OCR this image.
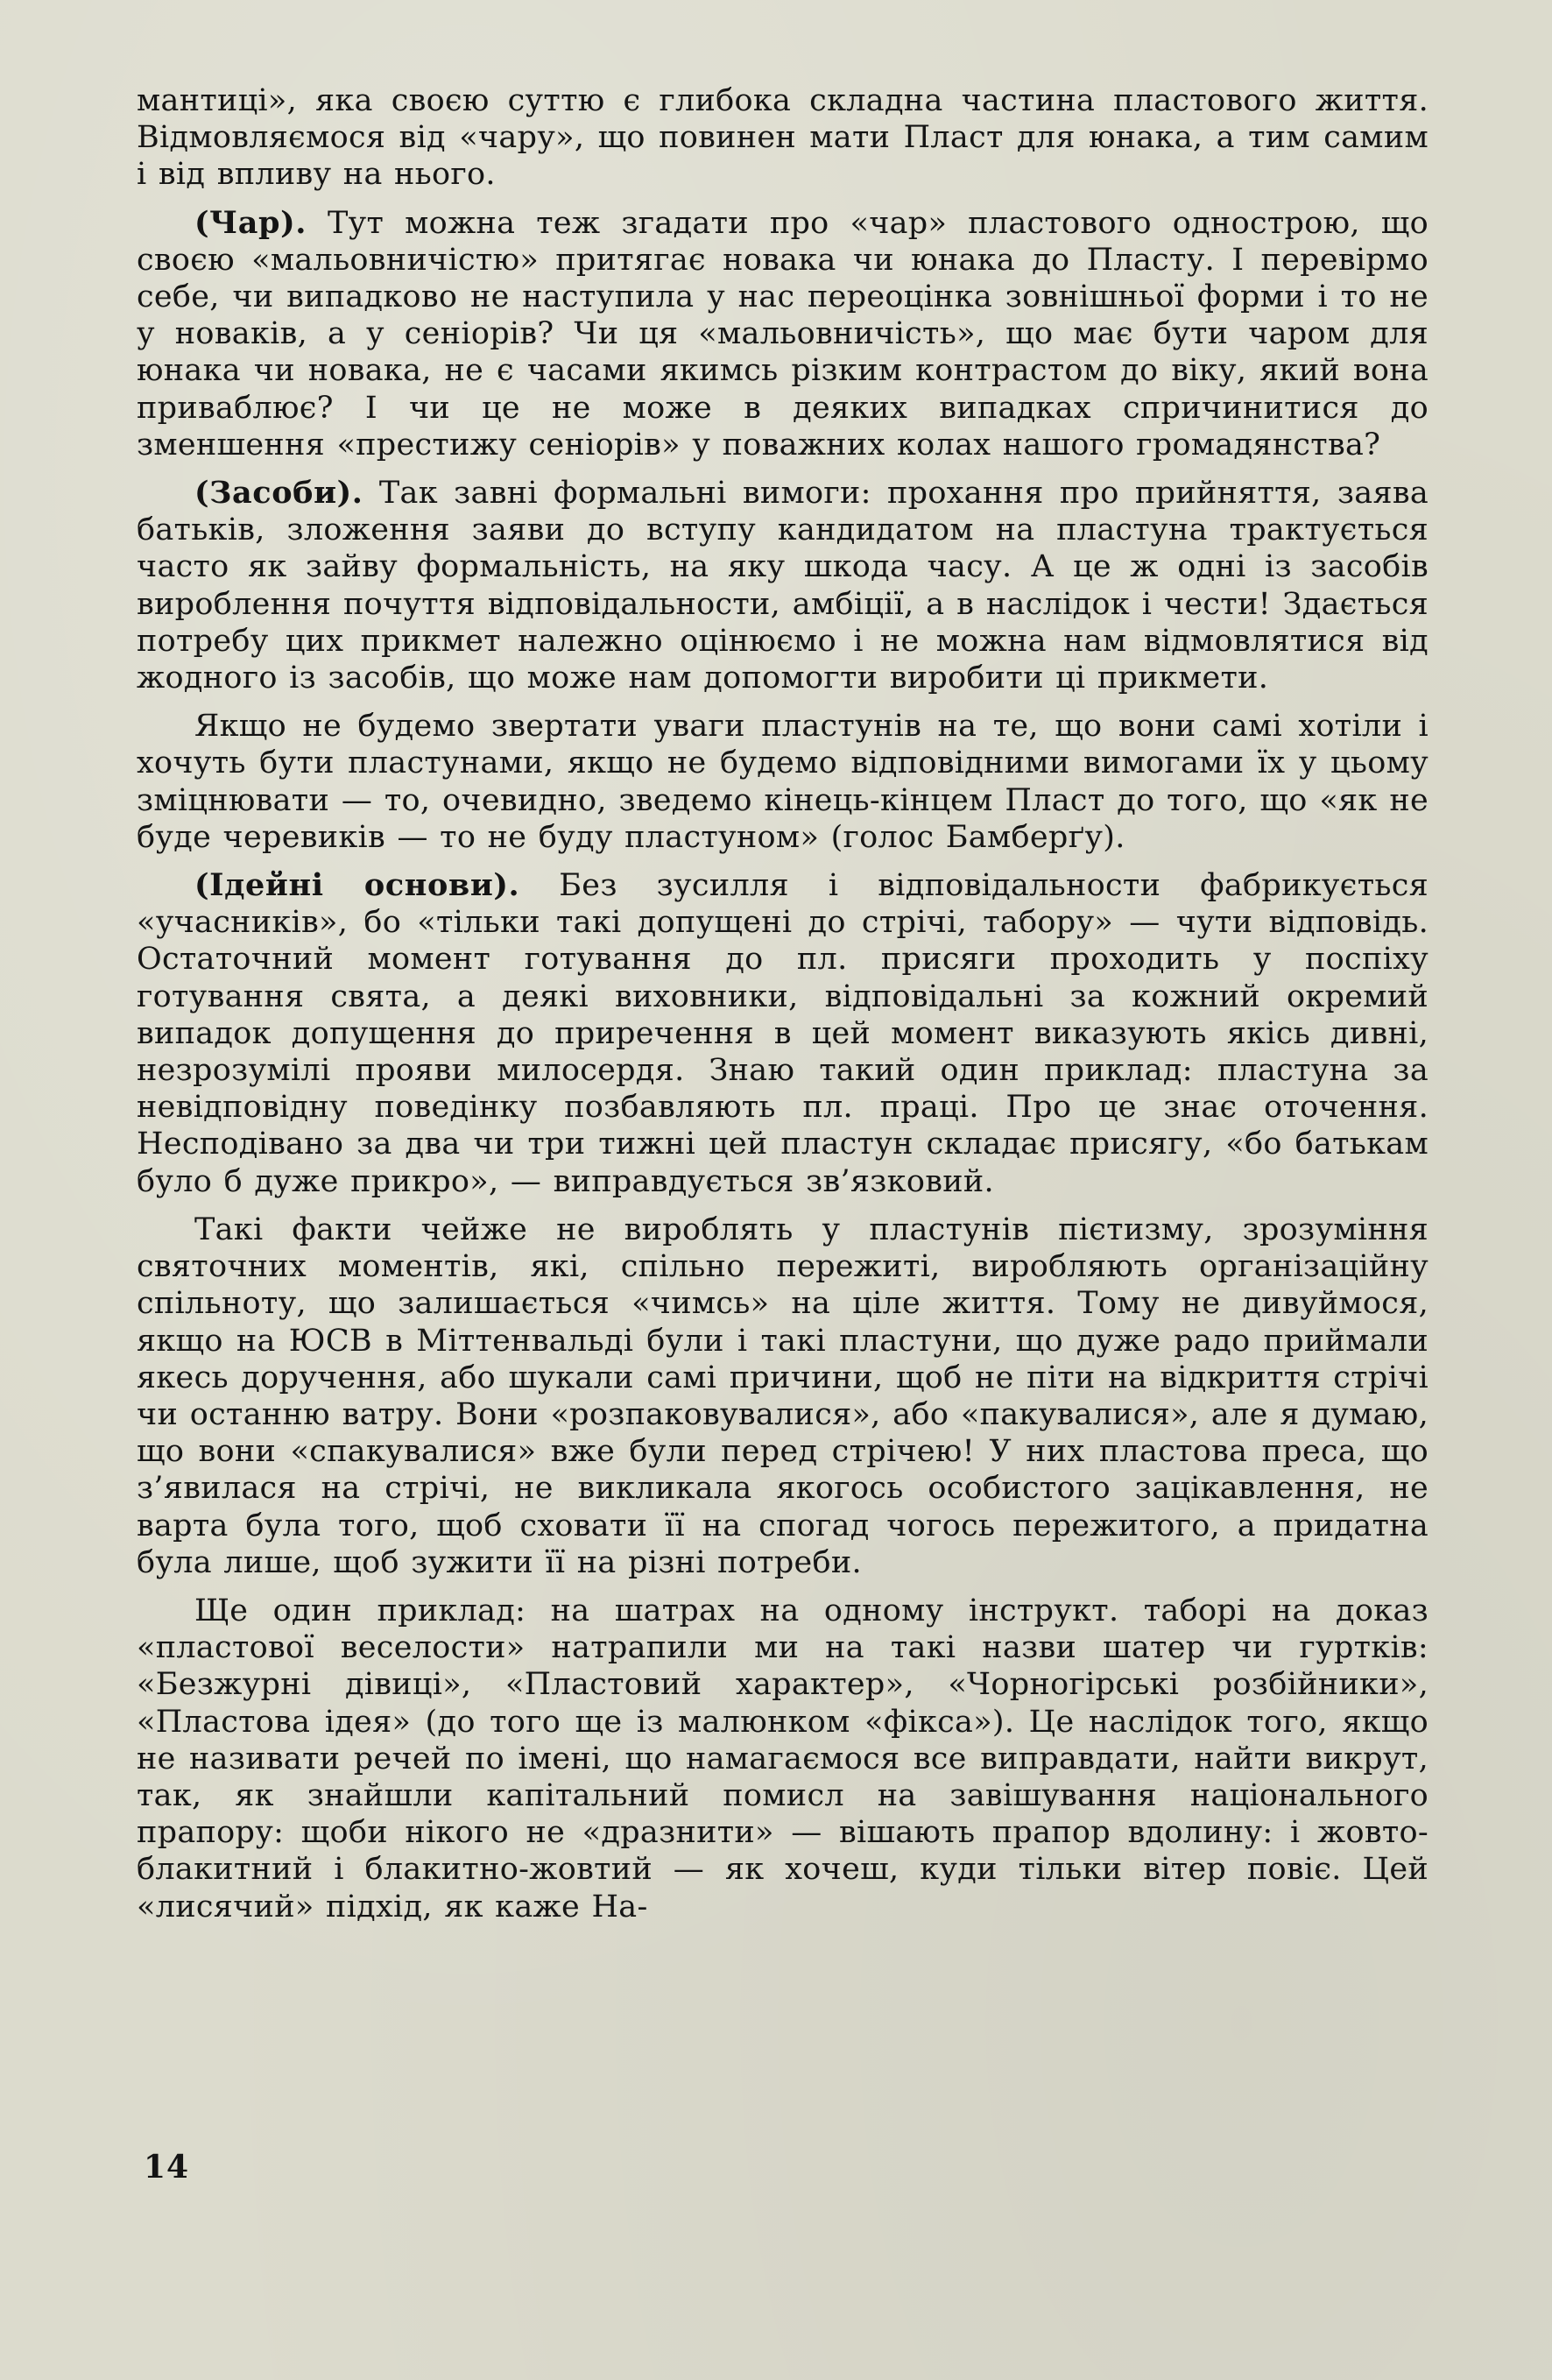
мантиці», яка своєю суттю є глибока складна частина пластового життя. Відмовляємося від «чару», що повинен мати Пласт для юнака, а тим самим і від впливу на нього.

(Чар). Тут можна теж згадати про «чар» пластового однострою, що своєю «мальовничістю» притягає новака чи юнака до Пласту. І перевірмо себе, чи випадково не наступила у нас переоцінка зовнішньої форми і то не у новаків, а у сеніорів? Чи ця «мальовничість», що має бути чаром для юнака чи новака, не є часами якимсь різким контрастом до віку, який вона приваблює? І чи це не може в деяких випадках спричинитися до зменшення «престижу сеніорів» у поважних колах нашого громадянства?

(Засоби). Так завні формальні вимоги: прохання про прийняття, заява батьків, зложення заяви до вступу кандидатом на пластуна трактується часто як зайву формальність, на яку шкода часу. А це ж одні із засобів вироблення почуття відповідальности, амбіції, а в наслідок і чести! Здається потребу цих прикмет належно оцінюємо і не можна нам відмовлятися від жодного із засобів, що може нам допомогти виробити ці прикмети.

Якщо не будемо звертати уваги пластунів на те, що вони самі хотіли і хочуть бути пластунами, якщо не будемо відповідними вимогами їх у цьому зміцнювати — то, очевидно, зведемо кінець-кінцем Пласт до того, що «як не буде черевиків — то не буду пластуном» (голос Бамберґу).

(Ідейні основи). Без зусилля і відповідальности фабрикується «учасників», бо «тільки такі допущені до стрічі, табору» — чути відповідь. Остаточний момент готування до пл. присяги проходить у поспіху готування свята, а деякі виховники, відповідальні за кожний окремий випадок допущення до приречення в цей момент виказують якісь дивні, незрозумілі прояви милосердя. Знаю такий один приклад: пластуна за невідповідну поведінку позбавляють пл. праці. Про це знає оточення. Несподівано за два чи три тижні цей пластун складає присягу, «бо батькам було б дуже прикро», — виправдується зв’язковий.

Такі факти чейже не вироблять у пластунів пієтизму, зрозуміння святочних моментів, які, спільно пережиті, виробляють організаційну спільноту, що залишається «чимсь» на ціле життя. Тому не дивуймося, якщо на ЮСВ в Міттенвальді були і такі пластуни, що дуже радо приймали якесь доручення, або шукали самі причини, щоб не піти на відкриття стрічі чи останню ватру. Вони «розпаковувалися», або «пакувалися», але я думаю, що вони «спакувалися» вже були перед стрічею! У них пластова преса, що з’явилася на стрічі, не викликала якогось особистого зацікавлення, не варта була того, щоб сховати її на спогад чогось пережитого, а придатна була лише, щоб зужити її на різні потреби.

Ще один приклад: на шатрах на одному інструкт. таборі на доказ «пластової веселости» натрапили ми на такі назви шатер чи гуртків: «Безжурні дівиці», «Пластовий характер», «Чорногірські розбійники», «Пластова ідея» (до того ще із малюнком «фікса»). Це наслідок того, якщо не називати речей по імені, що намагаємося все виправдати, найти викрут, так, як знайшли капітальний помисл на завішування національного прапору: щоби нікого не «дразнити» — вішають прапор вдолину: і жовто-блакитний і блакитно-жовтий — як хочеш, куди тільки вітер повіє. Цей «лисячий» підхід, як каже На-

14
